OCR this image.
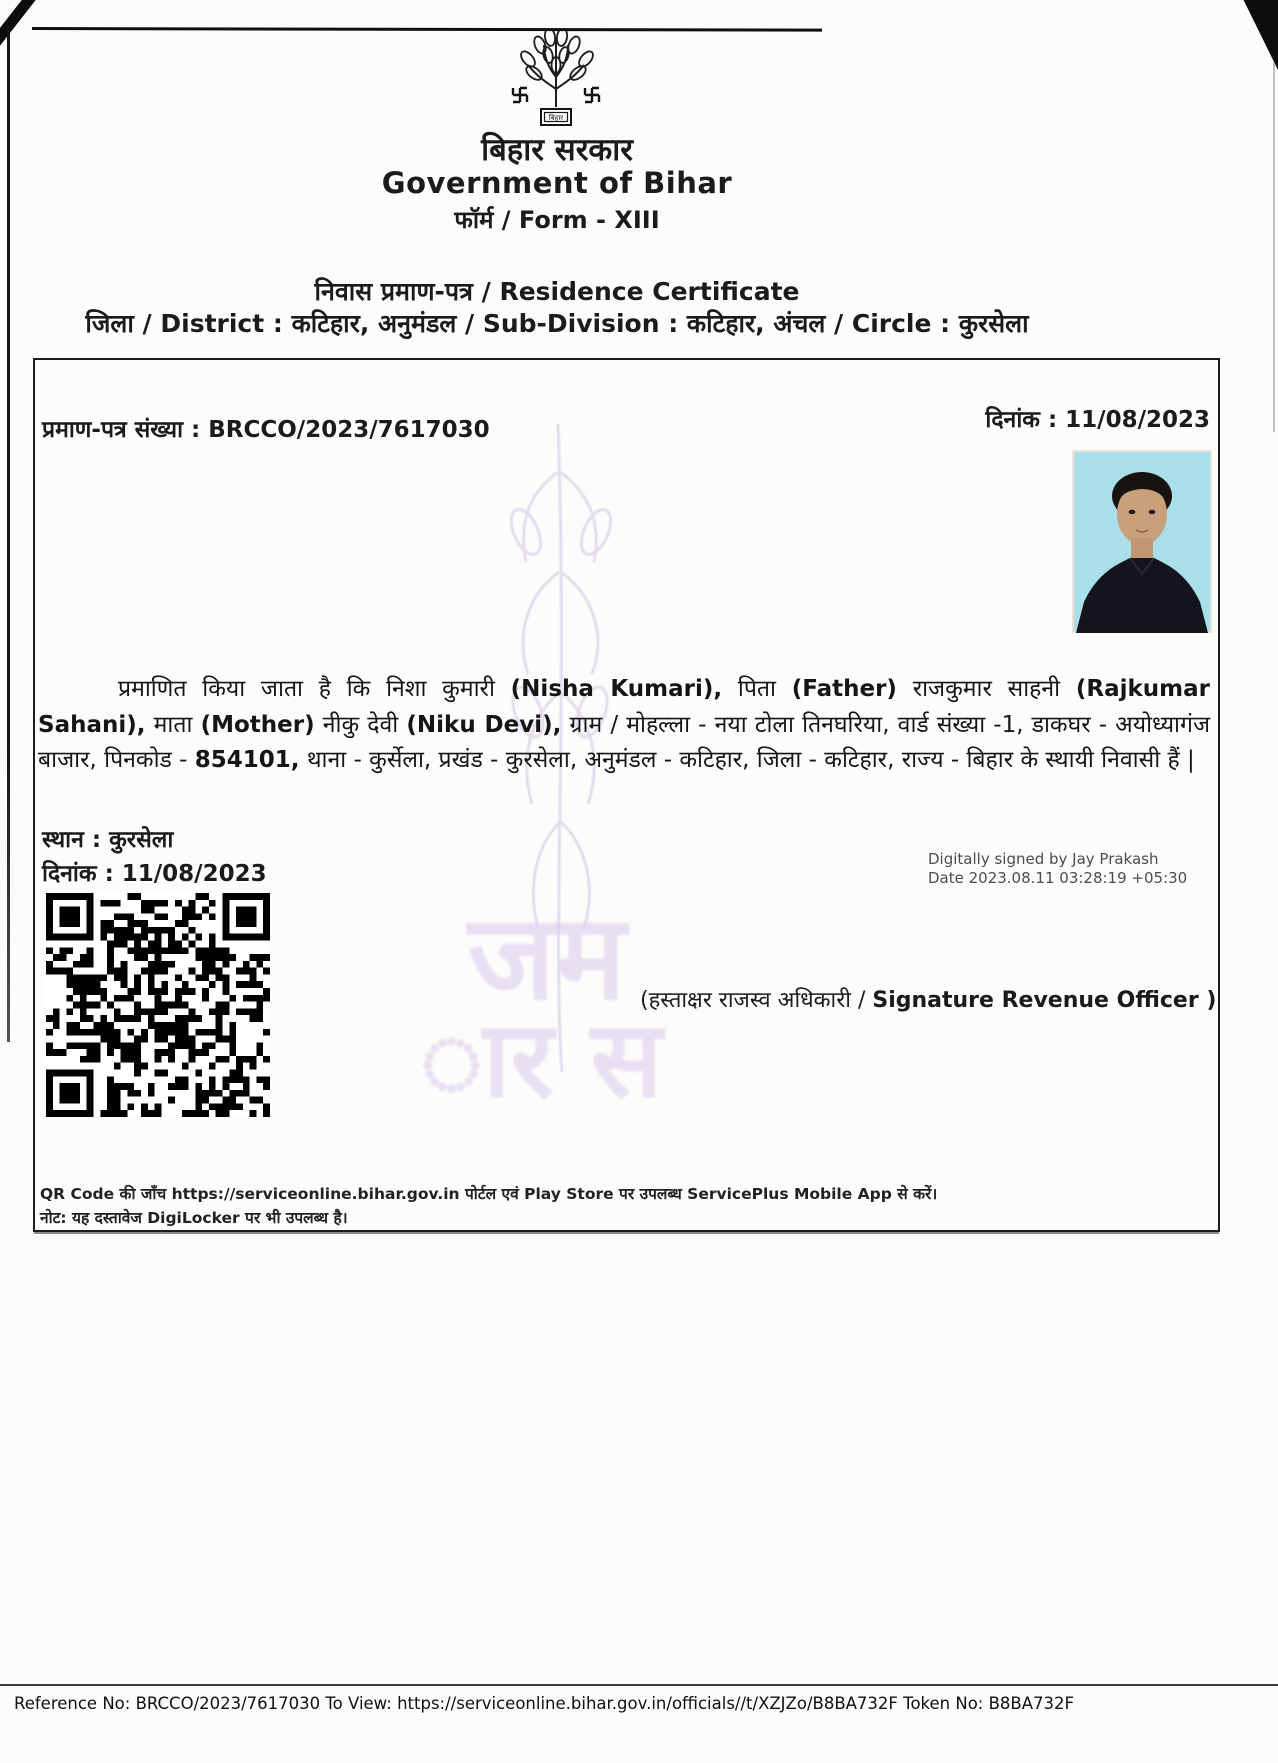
जम
ार स
बिहार
बिहार सरकार
Government of Bihar
फॉर्म / Form - XIII
निवास प्रमाण-पत्र / Residence Certificate
जिला / District : कटिहार, अनुमंडल / Sub-Division : कटिहार, अंचल / Circle : कुरसेला
प्रमाण-पत्र संख्या : BRCCO/2023/7617030	दिनांक : 11/08/2023

प्रमाणित किया जाता है कि निशा कुमारी (Nisha Kumari), पिता (Father) राजकुमार साहनी (Rajkumar Sahani), माता (Mother) नीकु देवी (Niku Devi), ग्राम / मोहल्ला - नया टोला तिनघरिया, वार्ड संख्या -1, डाकघर - अयोध्यागंज बाजार, पिनकोड - 854101, थाना - कुर्सेला, प्रखंड - कुरसेला, अनुमंडल - कटिहार, जिला - कटिहार, राज्य - बिहार के स्थायी निवासी हैं |

स्थान : कुरसेला
दिनांक : 11/08/2023
Digitally signed by Jay Prakash
Date 2023.08.11 03:28:19 +05:30
(हस्ताक्षर राजस्व अधिकारी / Signature Revenue Officer )
QR Code की जाँच https://serviceonline.bihar.gov.in पोर्टल एवं Play Store पर उपलब्ध ServicePlus Mobile App से करें।
नोट: यह दस्तावेज DigiLocker पर भी उपलब्ध है।
Reference No: BRCCO/2023/7617030 To View: https://serviceonline.bihar.gov.in/officials//t/XZJZo/B8BA732F Token No: B8BA732F
